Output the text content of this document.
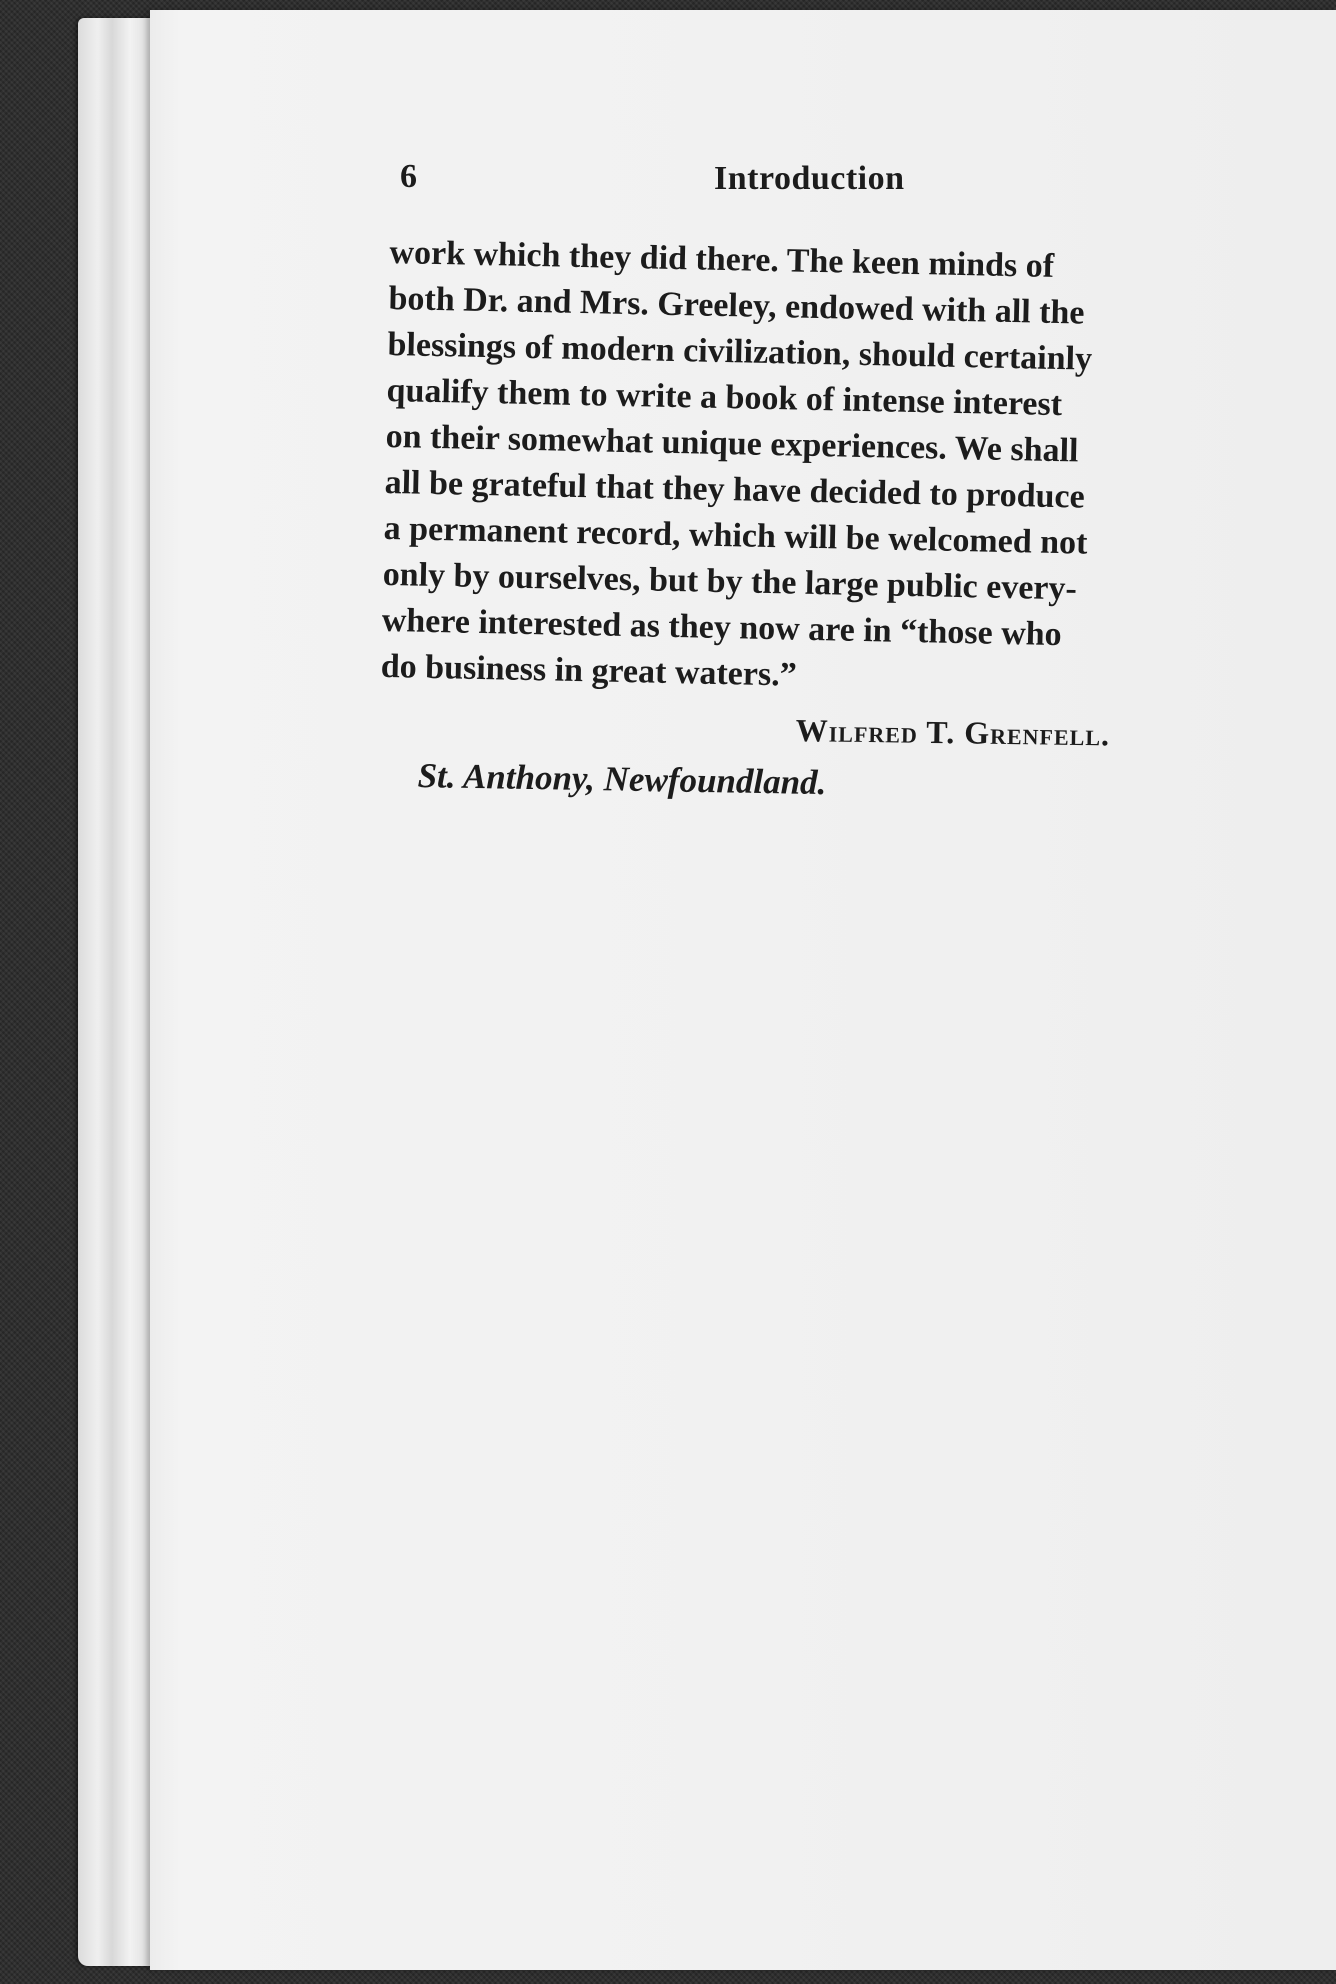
6	Introduction
work which they did there. The keen minds of
both Dr. and Mrs. Greeley, endowed with all the
blessings of modern civilization, should certainly
qualify them to write a book of intense interest
on their somewhat unique experiences. We shall
all be grateful that they have decided to produce
a permanent record, which will be welcomed not
only by ourselves, but by the large public every-
where interested as they now are in “those who
do business in great waters.”
Wilfred T. Grenfell.
St. Anthony, Newfoundland.
